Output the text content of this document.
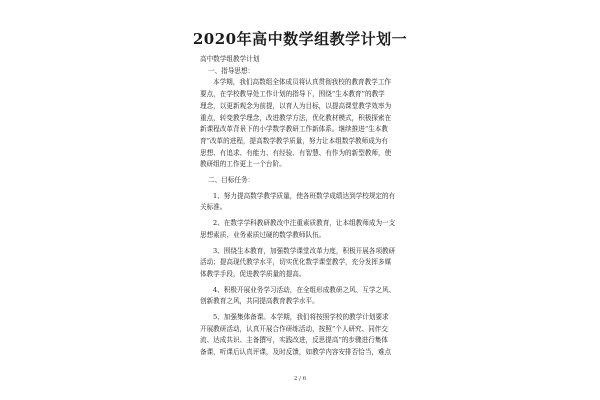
2020年高中数学组教学计划一

高中数学组教学计划

一、指导思想：

本学期，我们高数组全体成员将认真贯彻我校的教育教学工作

要点，在学校教导处工作计划的指导下，围绕“生本教育”的教学

理念，以更新观念为前提，以育人为目标，以提高课堂教学效率为

重点，转变教学理念，改进教学方法，优化教材模式，积极探索在

新课程改革背景下的小学数学教研工作新体系。继续推进“生本教

育”改革的进程，提高数学教学质量，努力让本组数学教师成为有

思想、有追求、有能力、有经验、有智慧、有作为的新型教师，使

教研组的工作更上一个台阶。

二、目标任务：

1、努力提高数学教学质量，使各班数学成绩达到学校规定的有

关标准。

2、在数学学科教研教改中注重素质教育，让本组教师成为一支

思想素质、业务素质过硬的数学教师队伍。

3、围绕生本教育，加强数学课堂改革力度，积极开展各项教研

活动；提高现代教学水平，切实优化数学课堂教学，充分发挥多媒

体教学手段，促进教学质量的提高。

4、积极开展业务学习活动，在全组形成教研之风、互学之风、

创新教育之风，共同提高教育教学水平。

5、加强集体备课。本学期，我们将按照学校的教学计划要求

开展教研活动，认真开展合作研练活动，按照“个人研究、同伴交

流、达成共识、主备撰写，实践改进，反思提高”的步骤进行集体

备课，听课后认真评课，及时反馈，如教学内容安排否恰当，难点

2 / 6
